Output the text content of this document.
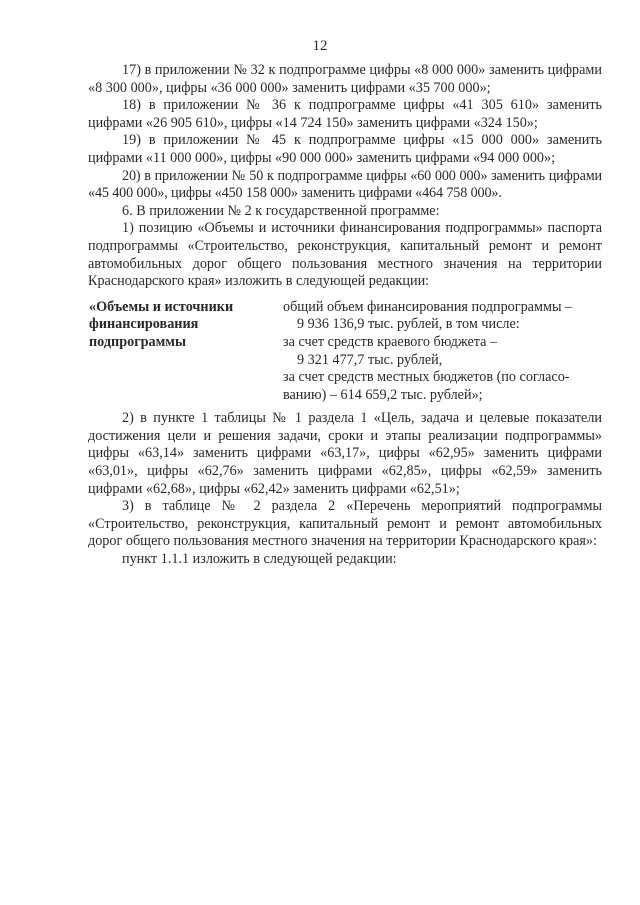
12

17) в приложении № 32 к подпрограмме цифры «8 000 000» заменить цифрами «8 300 000», цифры «36 000 000» заменить цифрами «35 700 000»;

18) в приложении № 36 к подпрограмме цифры «41 305 610» заменить цифрами «26 905 610», цифры «14 724 150» заменить цифрами «324 150»;

19) в приложении № 45 к подпрограмме цифры «15 000 000» заменить цифрами «11 000 000», цифры «90 000 000» заменить цифрами «94 000 000»;

20) в приложении № 50 к подпрограмме цифры «60 000 000» заменить цифрами «45 400 000», цифры «450 158 000» заменить цифрами «464 758 000».

6. В приложении № 2 к государственной программе:

1) позицию «Объемы и источники финансирования подпрограммы» паспорта подпрограммы «Строительство, реконструкция, капитальный ремонт и ремонт автомобильных дорог общего пользования местного значения на территории Краснодарского края» изложить в следующей редакции:

«Объемы и источники
финансирования
подпрограммы
общий объем финансирования подпрограммы –
9 936 136,9 тыс. рублей, в том числе:
за счет средств краевого бюджета –
9 321 477,7 тыс. рублей,
за счет средств местных бюджетов (по согласо-
ванию) – 614 659,2 тыс. рублей»;

2) в пункте 1 таблицы № 1 раздела 1 «Цель, задача и целевые показатели достижения цели и решения задачи, сроки и этапы реализации подпрограммы» цифры «63,14» заменить цифрами «63,17», цифры «62,95» заменить цифрами «63,01», цифры «62,76» заменить цифрами «62,85», цифры «62,59» заменить цифрами «62,68», цифры «62,42» заменить цифрами «62,51»;

3) в таблице № 2 раздела 2 «Перечень мероприятий подпрограммы «Строительство, реконструкция, капитальный ремонт и ремонт автомобильных дорог общего пользования местного значения на территории Краснодарского края»:

пункт 1.1.1 изложить в следующей редакции:
